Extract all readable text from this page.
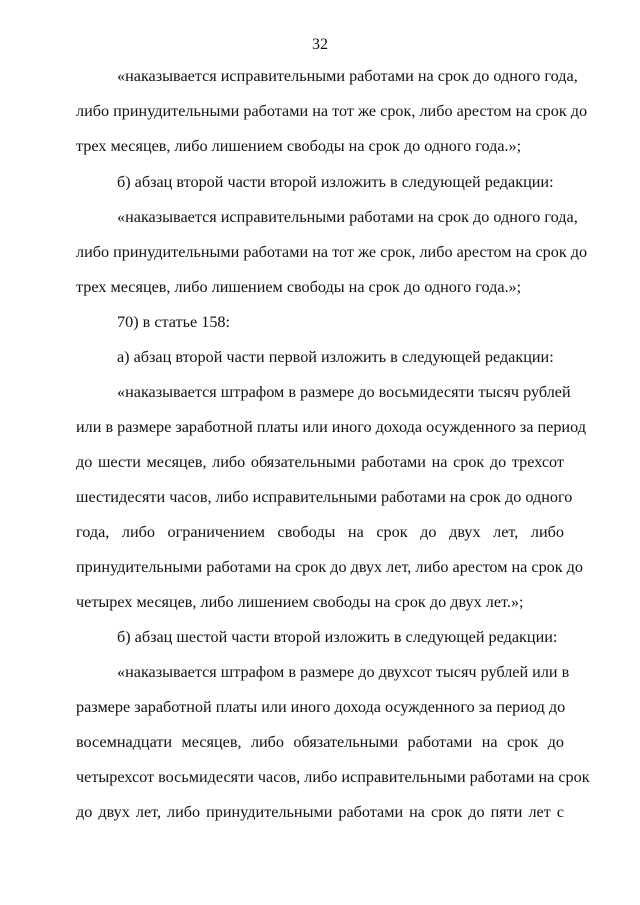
32
«наказывается исправительными работами на срок до одного года,
либо принудительными работами на тот же срок, либо арестом на срок до
трех месяцев, либо лишением свободы на срок до одного года.»;
б) абзац второй части второй изложить в следующей редакции:
«наказывается исправительными работами на срок до одного года,
либо принудительными работами на тот же срок, либо арестом на срок до
трех месяцев, либо лишением свободы на срок до одного года.»;
70) в статье 158:
а) абзац второй части первой изложить в следующей редакции:
«наказывается штрафом в размере до восьмидесяти тысяч рублей
или в размере заработной платы или иного дохода осужденного за период
до шести месяцев, либо обязательными работами на срок до трехсот
шестидесяти часов, либо исправительными работами на срок до одного
года, либо ограничением свободы на срок до двух лет, либо
принудительными работами на срок до двух лет, либо арестом на срок до
четырех месяцев, либо лишением свободы на срок до двух лет.»;
б) абзац шестой части второй изложить в следующей редакции:
«наказывается штрафом в размере до двухсот тысяч рублей или в
размере заработной платы или иного дохода осужденного за период до
восемнадцати месяцев, либо обязательными работами на срок до
четырехсот восьмидесяти часов, либо исправительными работами на срок
до двух лет, либо принудительными работами на срок до пяти лет с
